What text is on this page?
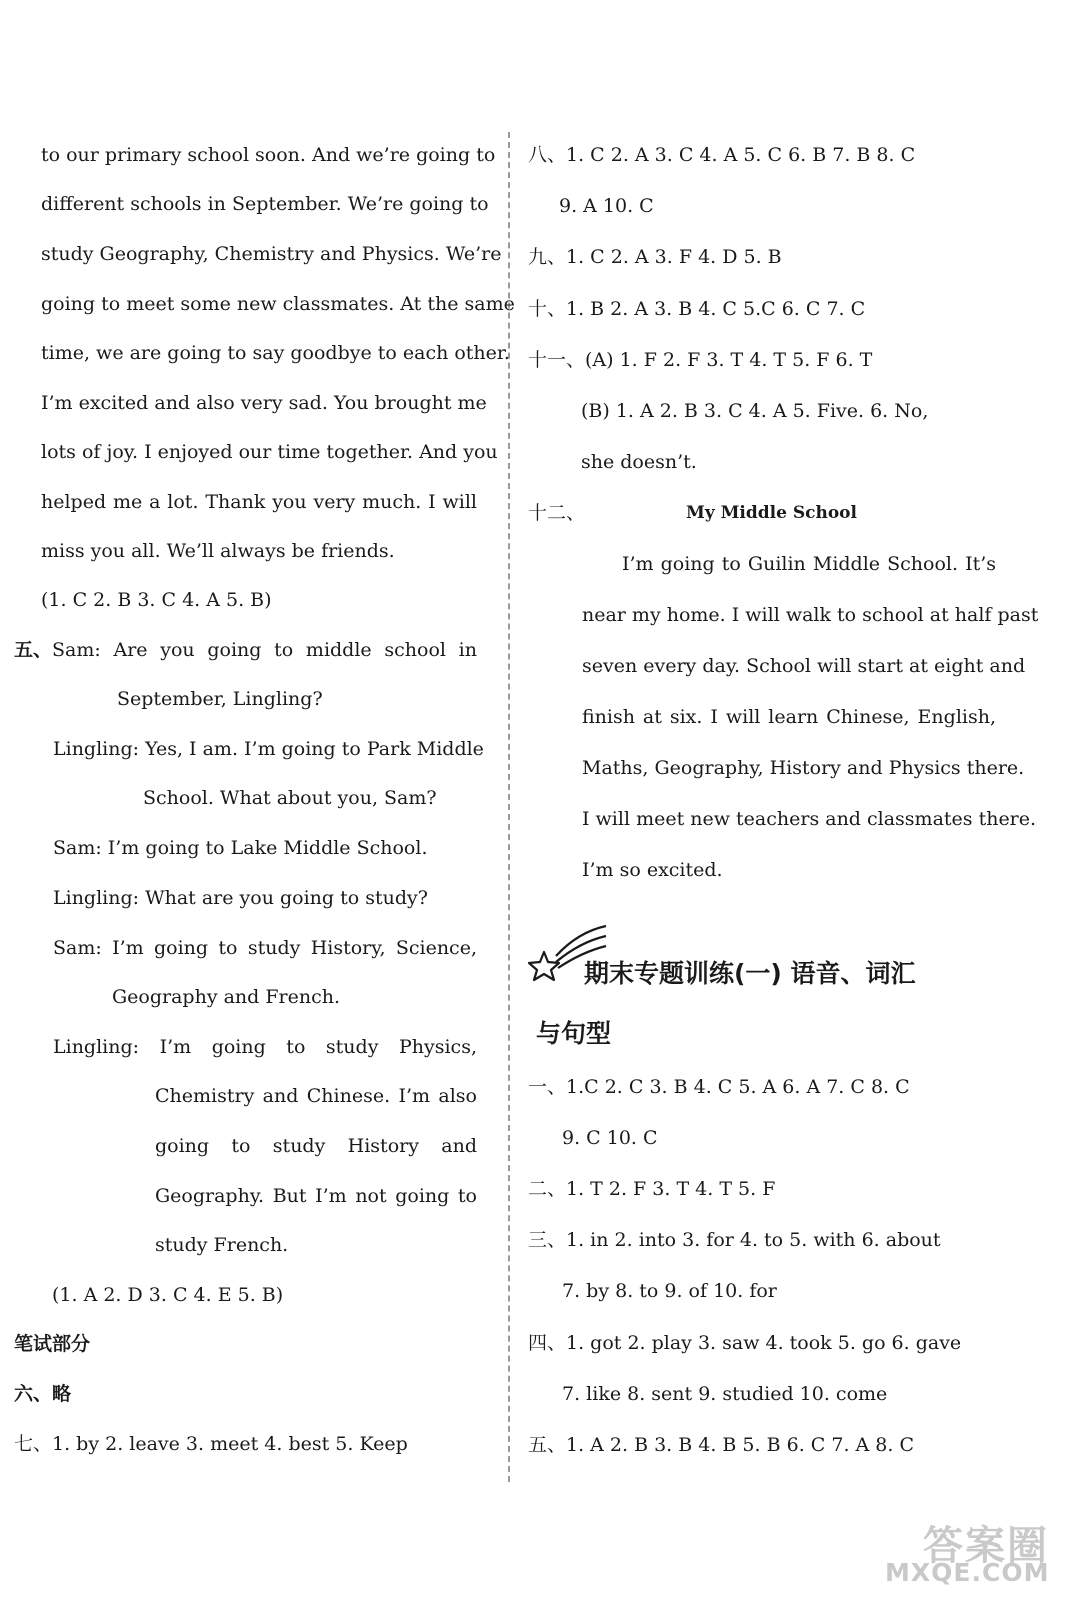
to our primary school soon. And we’re going to
different schools in September. We’re going to
study Geography, Chemistry and Physics. We’re
going to meet some new classmates. At the same
time, we are going to say goodbye to each other.
I’m excited and also very sad. You brought me
lots of joy. I enjoyed our time together. And you
helped me a lot. Thank you very much. I will
miss you all. We’ll always be friends.
(1. C 2. B 3. C 4. A 5. B)
五、 Sam: Are you going to middle school in
September, Lingling?
Lingling: Yes, I am. I’m going to Park Middle
School. What about you, Sam?
Sam: I’m going to Lake Middle School.
Lingling: What are you going to study?
Sam: I’m going to study History, Science,
Geography and French.
Lingling: I’m going to study Physics,
Chemistry and Chinese. I’m also
going to study History and
Geography. But I’m not going to
study French.
(1. A 2. D 3. C 4. E 5. B)
笔试部分
六、略
七、1. by 2. leave 3. meet 4. best 5. Keep
八、1. C 2. A 3. C 4. A 5. C 6. B 7. B 8. C
9. A 10. C
九、1. C 2. A 3. F 4. D 5. B
十、1. B 2. A 3. B 4. C 5.C 6. C 7. C
十一、(A) 1. F 2. F 3. T 4. T 5. F 6. T
(B) 1. A 2. B 3. C 4. A 5. Five. 6. No,
she doesn’t.
十二、	My Middle School
I’m going to Guilin Middle School. It’s
near my home. I will walk to school at half past
seven every day. School will start at eight and
finish at six. I will learn Chinese, English,
Maths, Geography, History and Physics there.
I will meet new teachers and classmates there.
I’m so excited.
期末专题训练(一) 语音、词汇
与句型
一、1.C 2. C 3. B 4. C 5. A 6. A 7. C 8. C
9. C 10. C
二、1. T 2. F 3. T 4. T 5. F
三、1. in 2. into 3. for 4. to 5. with 6. about
7. by 8. to 9. of 10. for
四、1. got 2. play 3. saw 4. took 5. go 6. gave
7. like 8. sent 9. studied 10. come
五、1. A 2. B 3. B 4. B 5. B 6. C 7. A 8. C
答案圈
MXQE.COM
